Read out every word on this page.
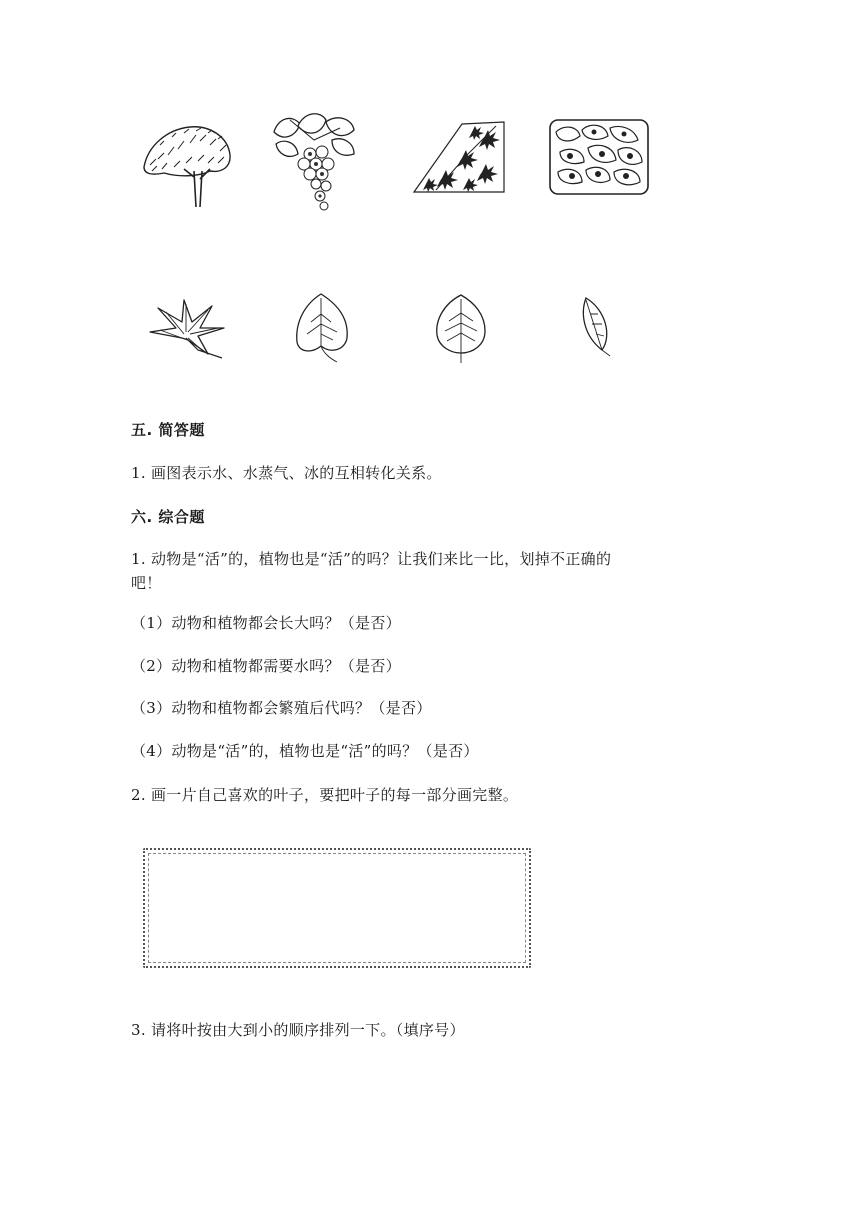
五. 简答题
1. 画图表示水、水蒸气、冰的互相转化关系。
六. 综合题
1. 动物是“活”的，植物也是“活”的吗？让我们来比一比，划掉不正确的
吧！
（1）动物和植物都会长大吗？（是否）
（2）动物和植物都需要水吗？（是否）
（3）动物和植物都会繁殖后代吗？（是否）
（4）动物是“活”的，植物也是“活”的吗？（是否）
2. 画一片自己喜欢的叶子，要把叶子的每一部分画完整。
3. 请将叶按由大到小的顺序排列一下。（填序号）
